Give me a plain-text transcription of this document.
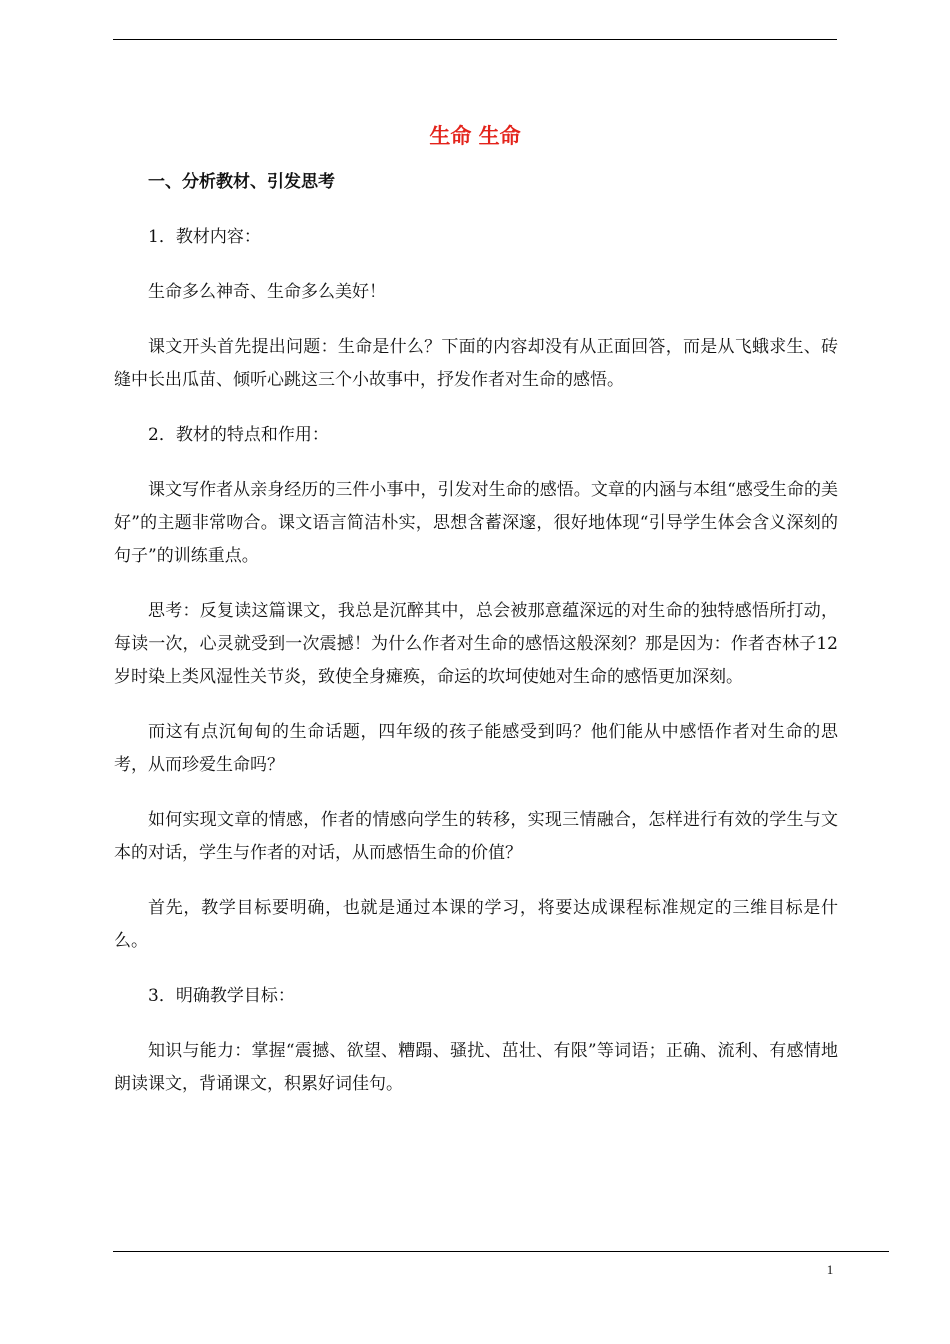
生命 生命

一、分析教材、引发思考

1．教材内容：

生命多么神奇、生命多么美好！

课文开头首先提出问题：生命是什么？下面的内容却没有从正面回答，而是从飞蛾求生、砖缝中长出瓜苗、倾听心跳这三个小故事中，抒发作者对生命的感悟。

2．教材的特点和作用：

课文写作者从亲身经历的三件小事中，引发对生命的感悟。文章的内涵与本组“感受生命的美好”的主题非常吻合。课文语言简洁朴实，思想含蓄深邃，很好地体现“引导学生体会含义深刻的句子”的训练重点。

思考：反复读这篇课文，我总是沉醉其中，总会被那意蕴深远的对生命的独特感悟所打动，每读一次，心灵就受到一次震撼！为什么作者对生命的感悟这般深刻？那是因为：作者杏林子12岁时染上类风湿性关节炎，致使全身瘫痪，命运的坎坷使她对生命的感悟更加深刻。

而这有点沉甸甸的生命话题，四年级的孩子能感受到吗？他们能从中感悟作者对生命的思考，从而珍爱生命吗？

如何实现文章的情感，作者的情感向学生的转移，实现三情融合，怎样进行有效的学生与文本的对话，学生与作者的对话，从而感悟生命的价值？

首先，教学目标要明确，也就是通过本课的学习，将要达成课程标准规定的三维目标是什么。

3．明确教学目标：

知识与能力：掌握“震撼、欲望、糟蹋、骚扰、茁壮、有限”等词语；正确、流利、有感情地朗读课文，背诵课文，积累好词佳句。

1
